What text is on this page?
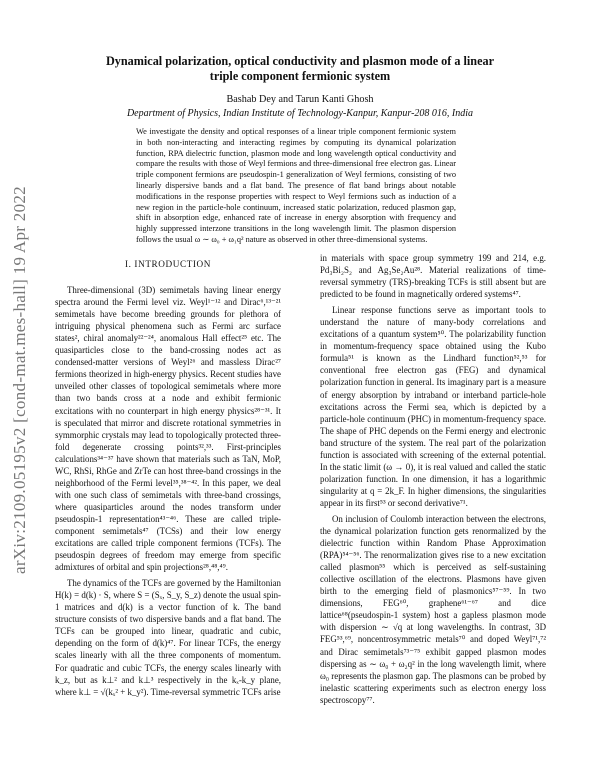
arXiv:2109.05195v2 [cond-mat.mes-hall] 19 Apr 2022
Dynamical polarization, optical conductivity and plasmon mode of a linear triple component fermionic system
Bashab Dey and Tarun Kanti Ghosh
Department of Physics, Indian Institute of Technology-Kanpur, Kanpur-208 016, India
We investigate the density and optical responses of a linear triple component fermionic system in both non-interacting and interacting regimes by computing its dynamical polarization function, RPA dielectric function, plasmon mode and long wavelength optical conductivity and compare the results with those of Weyl fermions and three-dimensional free electron gas. Linear triple component fermions are pseudospin-1 generalization of Weyl fermions, consisting of two linearly dispersive bands and a flat band. The presence of flat band brings about notable modifications in the response properties with respect to Weyl fermions such as induction of a new region in the particle-hole continuum, increased static polarization, reduced plasmon gap, shift in absorption edge, enhanced rate of increase in energy absorption with frequency and highly suppressed interzone transitions in the long wavelength limit. The plasmon dispersion follows the usual ω ∼ ω₀ + ω₁q² nature as observed in other three-dimensional systems.
I. INTRODUCTION

Three-dimensional (3D) semimetals having linear energy spectra around the Fermi level viz. Weyl¹⁻¹² and Dirac⁶,¹³⁻²¹ semimetals have become breeding grounds for plethora of intriguing physical phenomena such as Fermi arc surface states², chiral anomaly²²⁻²⁴, anomalous Hall effect²⁵ etc. The quasiparticles close to the band-crossing nodes act as condensed-matter versions of Weyl²⁶ and massless Dirac²⁷ fermions theorized in high-energy physics. Recent studies have unveiled other classes of topological semimetals where more than two bands cross at a node and exhibit fermionic excitations with no counterpart in high energy physics²⁸⁻³¹. It is speculated that mirror and discrete rotational symmetries in symmorphic crystals may lead to topologically protected three-fold degenerate crossing points³²,³³. First-principles calculations³⁴⁻³⁷ have shown that materials such as TaN, MoP, WC, RhSi, RhGe and ZrTe can host three-band crossings in the neighborhood of the Fermi level³⁵,³⁸⁻⁴². In this paper, we deal with one such class of semimetals with three-band crossings, where quasiparticles around the nodes transform under pseudospin-1 representation⁴³⁻⁴⁶. These are called triple-component semimetals⁴⁷ (TCSs) and their low energy excitations are called triple component fermions (TCFs). The pseudospin degrees of freedom may emerge from specific admixtures of orbital and spin projections²⁸,⁴⁸,⁴⁹.

The dynamics of the TCFs are governed by the Hamiltonian H(k) = d(k) · S, where S = (Sₓ, S_y, S_z) denote the usual spin-1 matrices and d(k) is a vector function of k. The band structure consists of two dispersive bands and a flat band. The TCFs can be grouped into linear, quadratic and cubic, depending on the form of d(k)⁴⁷. For linear TCFs, the energy scales linearly with all the three components of momentum. For quadratic and cubic TCFs, the energy scales linearly with k_z, but as k⊥² and k⊥³ respectively in the kₓ-k_y plane, where k⊥ = √(kₓ² + k_y²). Time-reversal symmetric TCFs arise

in materials with space group symmetry 199 and 214, e.g. Pd₃Bi₂S₂ and Ag₃Se₂Au²⁸. Material realizations of time-reversal symmetry (TRS)-breaking TCFs is still absent but are predicted to be found in magnetically ordered systems⁴⁷.

Linear response functions serve as important tools to understand the nature of many-body correlations and excitations of a quantum system⁵⁰. The polarizability function in momentum-frequency space obtained using the Kubo formula⁵¹ is known as the Lindhard function⁵²,⁵³ for conventional free electron gas (FEG) and dynamical polarization function in general. Its imaginary part is a measure of energy absorption by intraband or interband particle-hole excitations across the Fermi sea, which is depicted by a particle-hole continuum (PHC) in momentum-frequency space. The shape of PHC depends on the Fermi energy and electronic band structure of the system. The real part of the polarization function is associated with screening of the external potential. In the static limit (ω → 0), it is real valued and called the static polarization function. In one dimension, it has a logarithmic singularity at q = 2k_F. In higher dimensions, the singularities appear in its first⁵³ or second derivative⁷¹.

On inclusion of Coulomb interaction between the electrons, the dynamical polarization function gets renormalized by the dielectric function within Random Phase Approximation (RPA)⁵⁴⁻⁵⁶. The renormalization gives rise to a new excitation called plasmon⁵⁵ which is perceived as self-sustaining collective oscillation of the electrons. Plasmons have given birth to the emerging field of plasmonics⁵⁷⁻⁵⁹. In two dimensions, FEG⁶⁰, graphene⁶¹⁻⁶⁷ and dice lattice⁶⁸(pseudospin-1 system) host a gapless plasmon mode with dispersion ∼ √q at long wavelengths. In contrast, 3D FEG⁵³,⁶⁹, noncentrosymmetric metals⁷⁰ and doped Weyl⁷¹,⁷² and Dirac semimetals⁷³⁻⁷⁵ exhibit gapped plasmon modes dispersing as ∼ ω₀ + ω₂q² in the long wavelength limit, where ω₀ represents the plasmon gap. The plasmons can be probed by inelastic scattering experiments such as electron energy loss spectroscopy⁷⁷.
